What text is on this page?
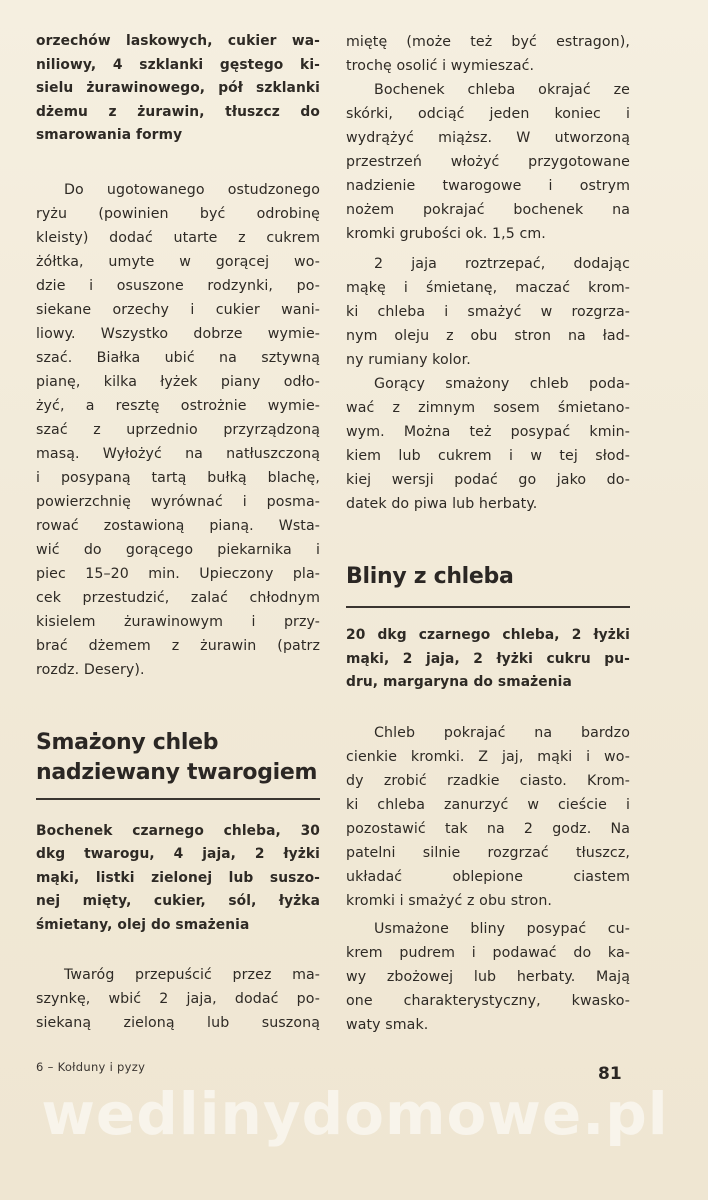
orzechów laskowych, cukier wa-
niliowy, 4 szklanki gęstego ki-
sielu żurawinowego, pół szklanki
dżemu z żurawin, tłuszcz do
smarowania formy
Do ugotowanego ostudzonego
ryżu (powinien być odrobinę
kleisty) dodać utarte z cukrem
żółtka, umyte w gorącej wo-
dzie i osuszone rodzynki, po-
siekane orzechy i cukier wani-
liowy. Wszystko dobrze wymie-
szać. Białka ubić na sztywną
pianę, kilka łyżek piany odło-
żyć, a resztę ostrożnie wymie-
szać z uprzednio przyrządzoną
masą. Wyłożyć na natłuszczoną
i posypaną tartą bułką blachę,
powierzchnię wyrównać i posma-
rować zostawioną pianą. Wsta-
wić do gorącego piekarnika i
piec 15–20 min. Upieczony pla-
cek przestudzić, zalać chłodnym
kisielem żurawinowym i przy-
brać dżemem z żurawin (patrz
rozdz. Desery).
Smażony chleb
nadziewany twarogiem
Bochenek czarnego chleba, 30
dkg twarogu, 4 jaja, 2 łyżki
mąki, listki zielonej lub suszo-
nej mięty, cukier, sól, łyżka
śmietany, olej do smażenia
Twaróg przepuścić przez ma-
szynkę, wbić 2 jaja, dodać po-
siekaną zieloną lub suszoną
miętę (może też być estragon),
trochę osolić i wymieszać.
Bochenek chleba okrajać ze
skórki, odciąć jeden koniec i
wydrążyć miąższ. W utworzoną
przestrzeń włożyć przygotowane
nadzienie twarogowe i ostrym
nożem pokrajać bochenek na
kromki grubości ok. 1,5 cm.
2 jaja roztrzepać, dodając
mąkę i śmietanę, maczać krom-
ki chleba i smażyć w rozgrza-
nym oleju z obu stron na ład-
ny rumiany kolor.
Gorący smażony chleb poda-
wać z zimnym sosem śmietano-
wym. Można też posypać kmin-
kiem lub cukrem i w tej słod-
kiej wersji podać go jako do-
datek do piwa lub herbaty.
Bliny z chleba
20 dkg czarnego chleba, 2 łyżki
mąki, 2 jaja, 2 łyżki cukru pu-
dru, margaryna do smażenia
Chleb pokrajać na bardzo
cienkie kromki. Z jaj, mąki i wo-
dy zrobić rzadkie ciasto. Krom-
ki chleba zanurzyć w cieście i
pozostawić tak na 2 godz. Na
patelni silnie rozgrzać tłuszcz,
układać oblepione ciastem
kromki i smażyć z obu stron.
Usmażone bliny posypać cu-
krem pudrem i podawać do ka-
wy zbożowej lub herbaty. Mają
one charakterystyczny, kwasko-
waty smak.
6 – Kołduny i pyzy	81
wedlinydomowe.pl
